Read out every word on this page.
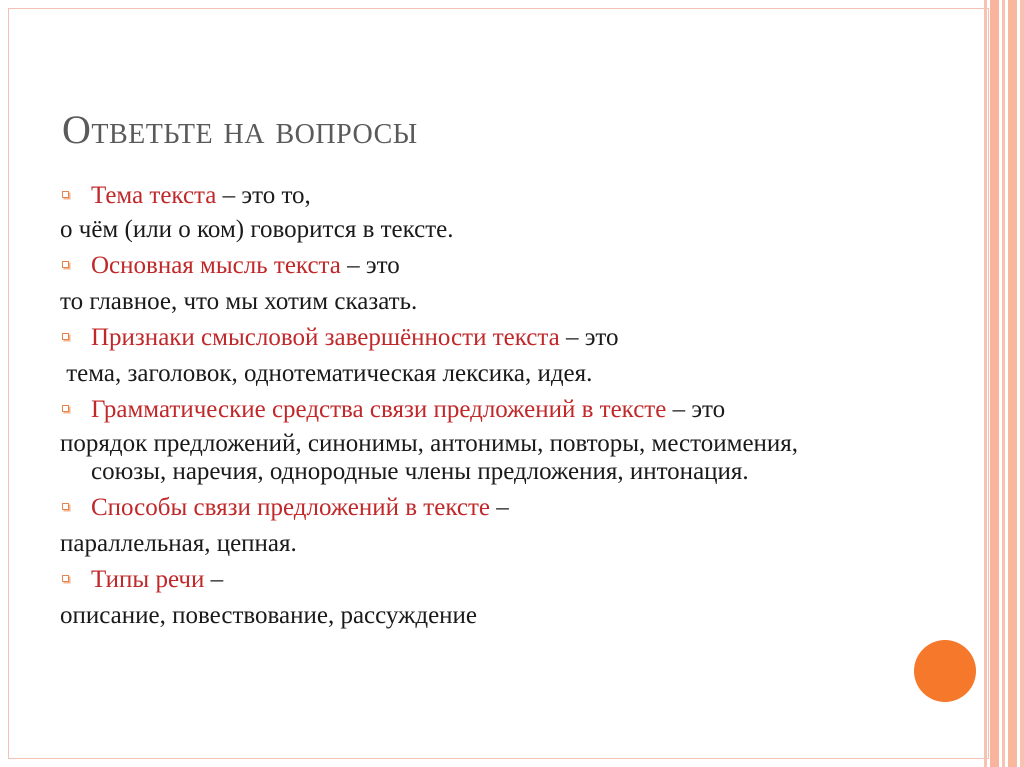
Ответьте на вопросы

Тема текста – это то,

о чём (или о ком) говорится в тексте.

Основная мысль текста – это

то главное, что мы хотим сказать.

Признаки смысловой завершённости текста – это

тема, заголовок, однотематическая лексика, идея.

Грамматические средства связи предложений в тексте – это

порядок предложений, синонимы, антонимы, повторы, местоимения, союзы, наречия, однородные члены предложения, интонация.

Способы связи предложений в тексте –

параллельная, цепная.

Типы речи –

описание, повествование, рассуждение
